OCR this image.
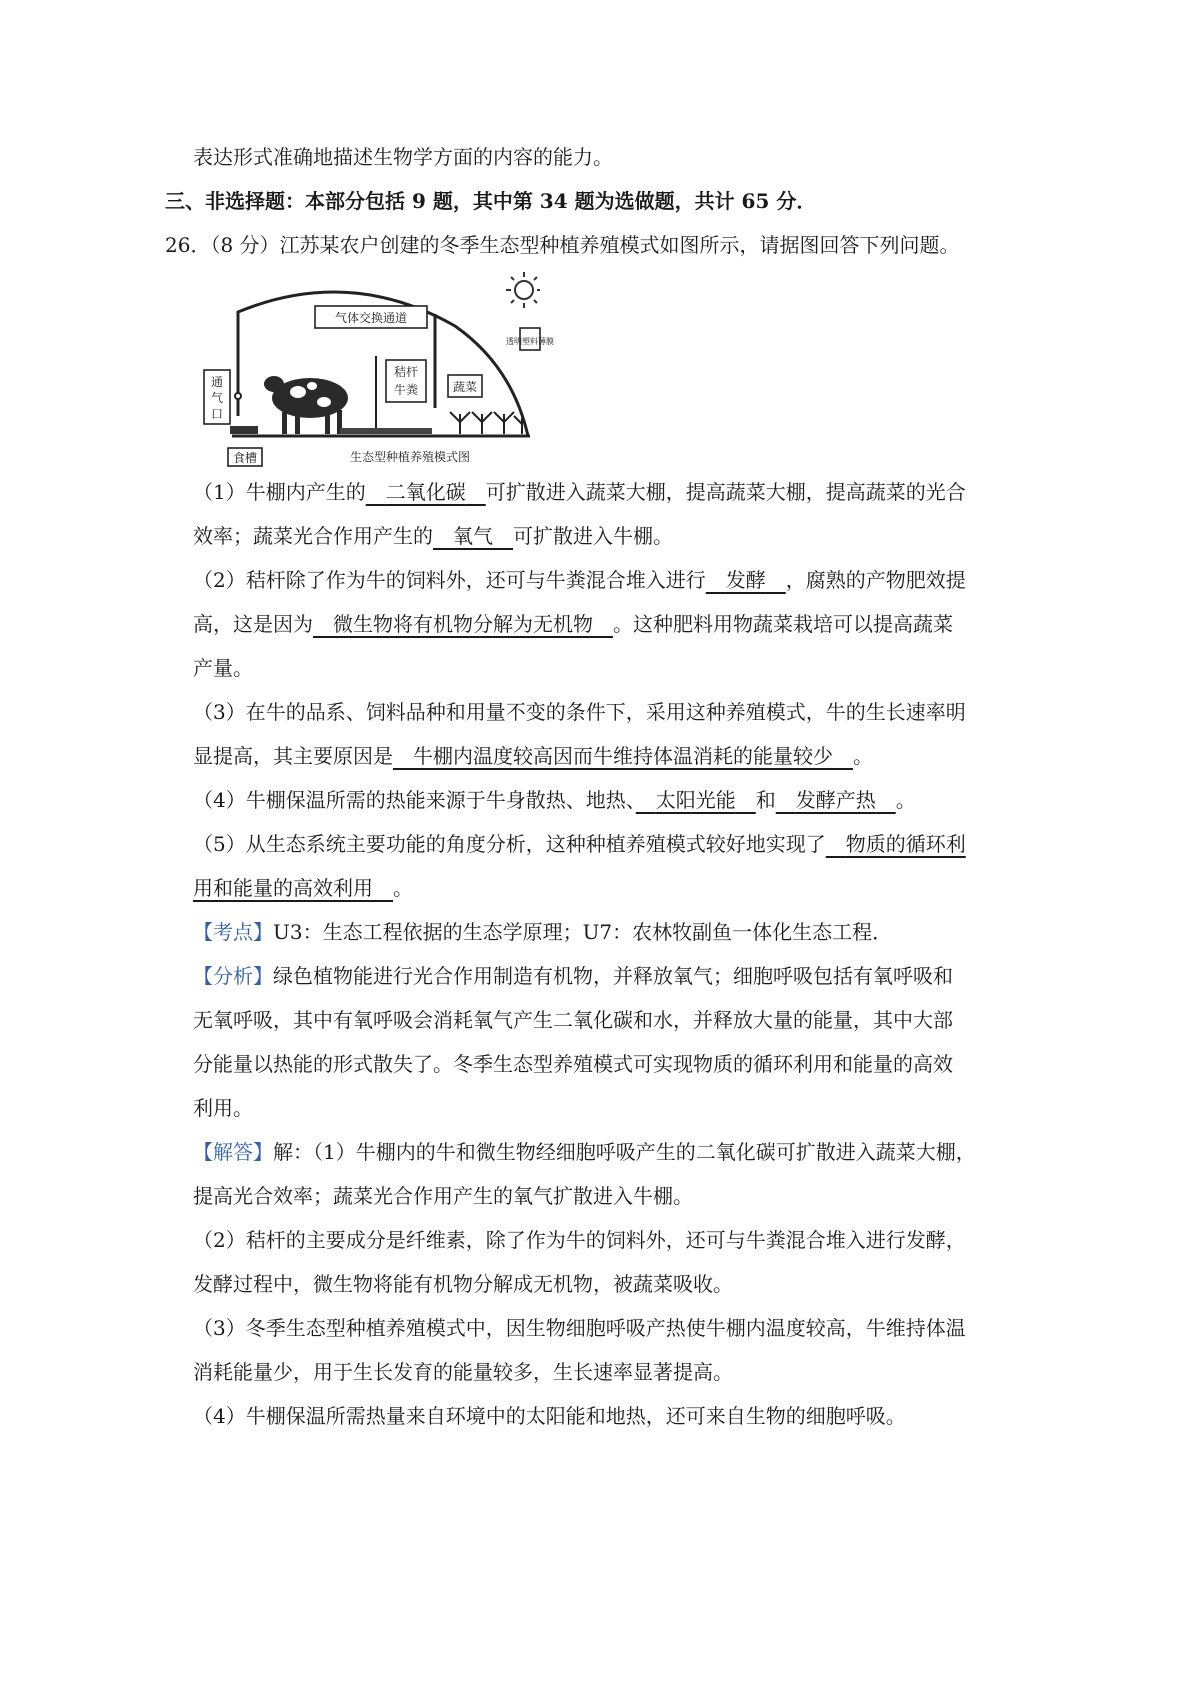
表达形式准确地描述生物学方面的内容的能力。
三、非选择题：本部分包括 9 题，其中第 34 题为选做题，共计 65 分．
26．（8 分）江苏某农户创建的冬季生态型种植养殖模式如图所示，请据图回答下列问题。
气体交换通道
透明塑料薄膜
通
气
口
秸杆
牛粪	蔬菜
食槽	生态型种植养殖模式图
（1）牛棚内产生的　 二氧化碳　 可扩散进入蔬菜大棚，提高蔬菜大棚，提高蔬菜的光合
效率；蔬菜光合作用产生的　 氧气　 可扩散进入牛棚。
（2）秸杆除了作为牛的饲料外，还可与牛粪混合堆入进行　 发酵　 ，腐熟的产物肥效提
高，这是因为　 微生物将有机物分解为无机物　 。这种肥料用物蔬菜栽培可以提高蔬菜
产量。
（3）在牛的品系、饲料品种和用量不变的条件下，采用这种养殖模式，牛的生长速率明
显提高，其主要原因是　 牛棚内温度较高因而牛维持体温消耗的能量较少　 。
（4）牛棚保温所需的热能来源于牛身散热、地热、　 太阳光能　 和　 发酵产热　 。
（5）从生态系统主要功能的角度分析，这种种植养殖模式较好地实现了　 物质的循环利
用和能量的高效利用　 。
【考点】U3：生态工程依据的生态学原理；U7：农林牧副鱼一体化生态工程．
【分析】绿色植物能进行光合作用制造有机物，并释放氧气；细胞呼吸包括有氧呼吸和
无氧呼吸，其中有氧呼吸会消耗氧气产生二氧化碳和水，并释放大量的能量，其中大部
分能量以热能的形式散失了。冬季生态型养殖模式可实现物质的循环利用和能量的高效
利用。
【解答】解：（1）牛棚内的牛和微生物经细胞呼吸产生的二氧化碳可扩散进入蔬菜大棚，
提高光合效率；蔬菜光合作用产生的氧气扩散进入牛棚。
（2）秸杆的主要成分是纤维素，除了作为牛的饲料外，还可与牛粪混合堆入进行发酵，
发酵过程中，微生物将能有机物分解成无机物，被蔬菜吸收。
（3）冬季生态型种植养殖模式中，因生物细胞呼吸产热使牛棚内温度较高，牛维持体温
消耗能量少，用于生长发育的能量较多，生长速率显著提高。
（4）牛棚保温所需热量来自环境中的太阳能和地热，还可来自生物的细胞呼吸。
